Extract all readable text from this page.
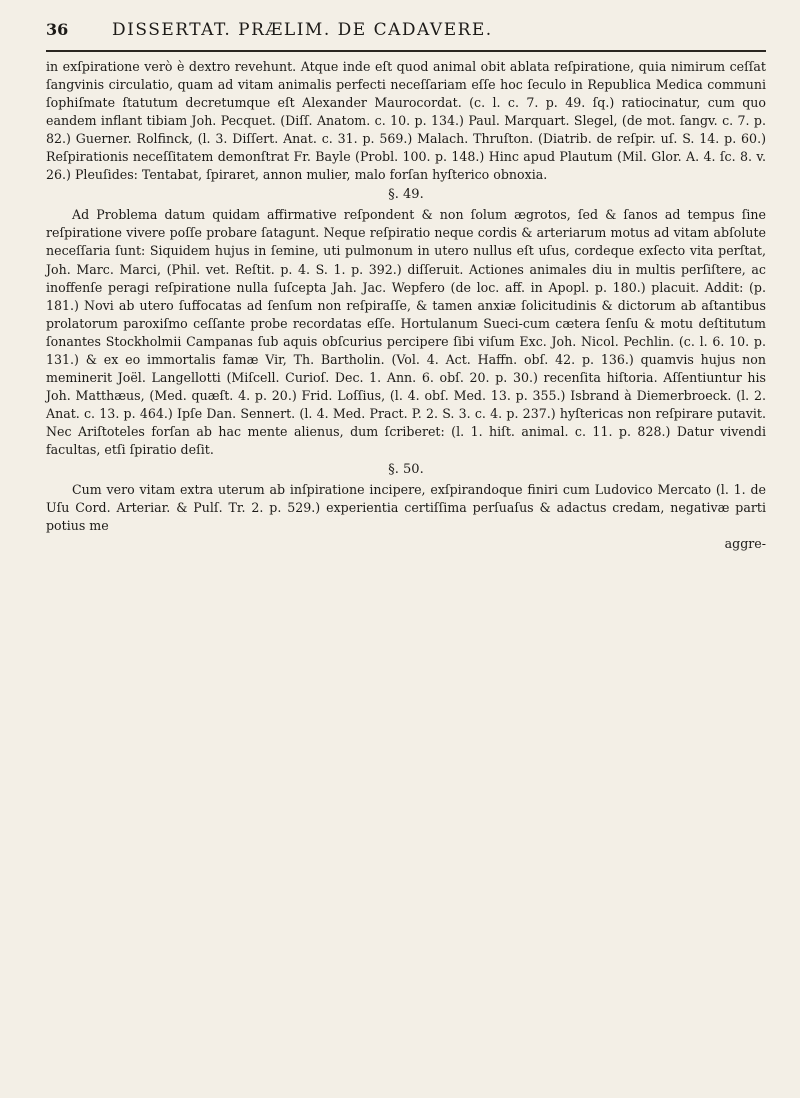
36	DISSERTAT. PRÆLIM. DE CADAVERE.

in exſpiratione verò è dextro revehunt. Atque inde eſt quod animal obit ablata reſpiratione, quia nimirum ceſſat ſangvinis circulatio, quam ad vitam animalis perfecti neceſſariam eſſe hoc ſeculo in Republica Medica communi ſophiſmate ſtatutum decretumque eſt Alexander Maurocordat. (c. l. c. 7. p. 49. ſq.) ratiocinatur, cum quo eandem inflant tibiam Joh. Pecquet. (Diſſ. Anatom. c. 10. p. 134.) Paul. Marquart. Slegel, (de mot. ſangv. c. 7. p. 82.) Guerner. Rolfinck, (l. 3. Diſſert. Anat. c. 31. p. 569.) Malach. Thruſton. (Diatrib. de reſpir. uſ. S. 14. p. 60.) Reſpirationis neceſſitatem demonſtrat Fr. Bayle (Probl. 100. p. 148.) Hinc apud Plautum (Mil. Glor. A. 4. ſc. 8. v. 26.) Pleuſides: Tentabat, ſpiraret, annon mulier, malo forſan hyſterico obnoxia.

§. 49.

Ad Problema datum quidam affirmative reſpondent & non ſolum ægrotos, ſed & ſanos ad tempus ſine reſpiratione vivere poſſe probare ſatagunt. Neque reſpiratio neque cordis & arteriarum motus ad vitam abſolute neceſſaria ſunt: Siquidem hujus in ſemine, uti pulmonum in utero nullus eſt uſus, cordeque exſecto vita perſtat, Joh. Marc. Marci, (Phil. vet. Reſtit. p. 4. S. 1. p. 392.) diſſeruit. Actiones animales diu in multis perſiſtere, ac inoffenſe peragi reſpiratione nulla ſuſcepta Jah. Jac. Wepfero (de loc. aff. in Apopl. p. 180.) placuit. Addit: (p. 181.) Novi ab utero ſuffocatas ad ſenſum non reſpiraſſe, & tamen anxiæ ſolicitudinis & dictorum ab aſtantibus prolatorum paroxiſmo ceſſante probe recordatas eſſe. Hortulanum Sueci-cum cætera ſenſu & motu deſtitutum ſonantes Stockholmii Campanas ſub aquis obſcurius percipere ſibi viſum Exc. Joh. Nicol. Pechlin. (c. l. 6. 10. p. 131.) & ex eo immortalis famæ Vir, Th. Bartholin. (Vol. 4. Act. Haffn. obſ. 42. p. 136.) quamvis hujus non meminerit Joël. Langellotti (Miſcell. Curioſ. Dec. 1. Ann. 6. obſ. 20. p. 30.) recenſita hiſtoria. Aſſentiuntur his Joh. Matthæus, (Med. quæſt. 4. p. 20.) Frid. Loſſius, (l. 4. obſ. Med. 13. p. 355.) Isbrand à Diemerbroeck. (l. 2. Anat. c. 13. p. 464.) Ipſe Dan. Sennert. (l. 4. Med. Pract. P. 2. S. 3. c. 4. p. 237.) hyſtericas non reſpirare putavit. Nec Ariſtoteles forſan ab hac mente alienus, dum ſcriberet: (l. 1. hiſt. animal. c. 11. p. 828.) Datur vivendi facultas, etſi ſpiratio deſit.

§. 50.

Cum vero vitam extra uterum ab inſpiratione incipere, exſpirandoque finiri cum Ludovico Mercato (l. 1. de Uſu Cord. Arteriar. & Pulſ. Tr. 2. p. 529.) experientia certiſſima perſuaſus & adactus credam, negativæ parti potius me

aggre-
